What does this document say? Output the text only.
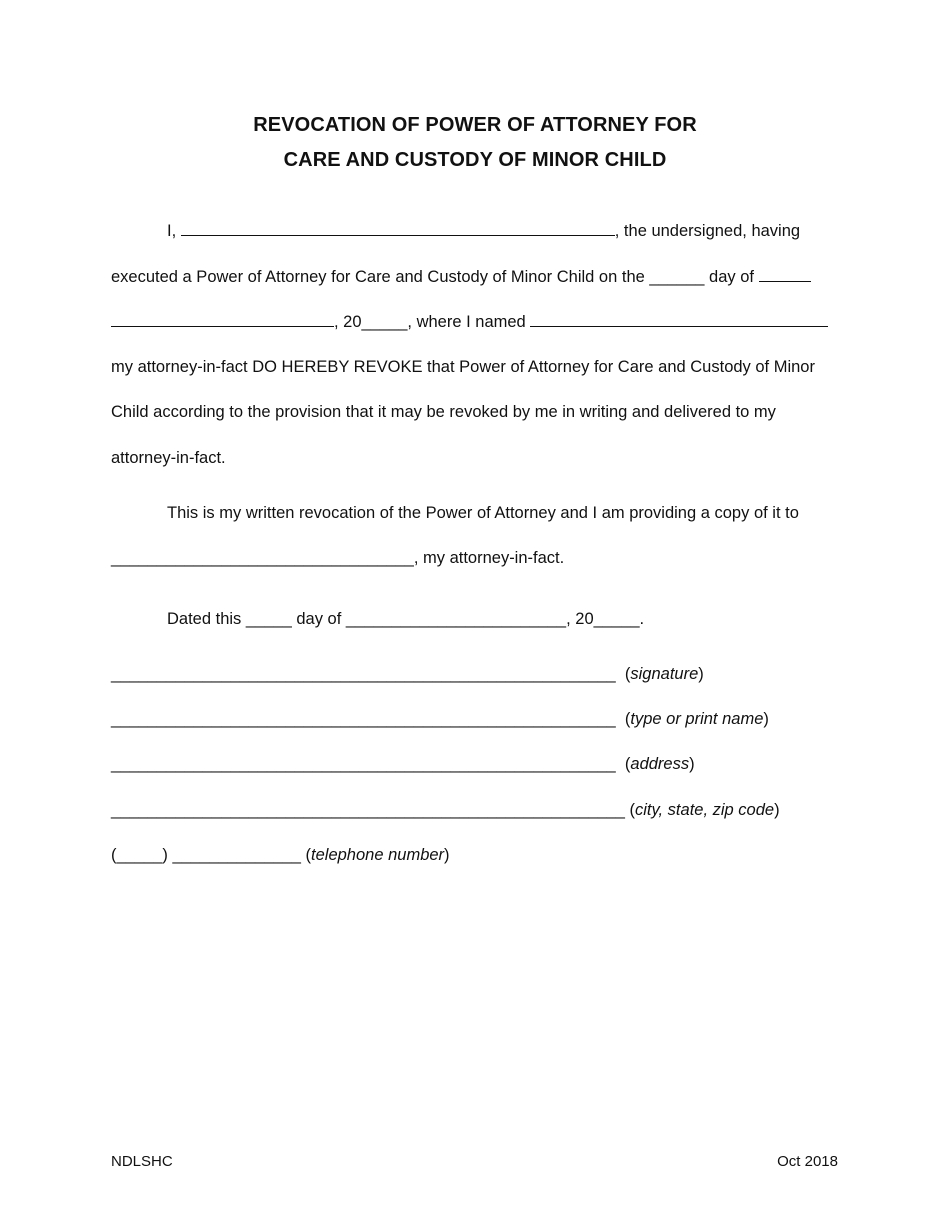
REVOCATION OF POWER OF ATTORNEY FOR
CARE AND CUSTODY OF MINOR CHILD
I,	, the undersigned, having
executed a Power of Attorney for Care and Custody of Minor Child on the ______ day of
, 20_____, where I named
my attorney-in-fact DO HEREBY REVOKE that Power of Attorney for Care and Custody of Minor
Child according to the provision that it may be revoked by me in writing and delivered to my
attorney-in-fact.
This is my written revocation of the Power of Attorney and I am providing a copy of it to
_________________________________, my attorney-in-fact.
Dated this _____ day of ________________________, 20_____.
_______________________________________________________  (signature)
_______________________________________________________  (type or print name)
_______________________________________________________  (address)
________________________________________________________ (city, state, zip code)
(_____) ______________ (telephone number)
NDLSHC	Oct 2018
